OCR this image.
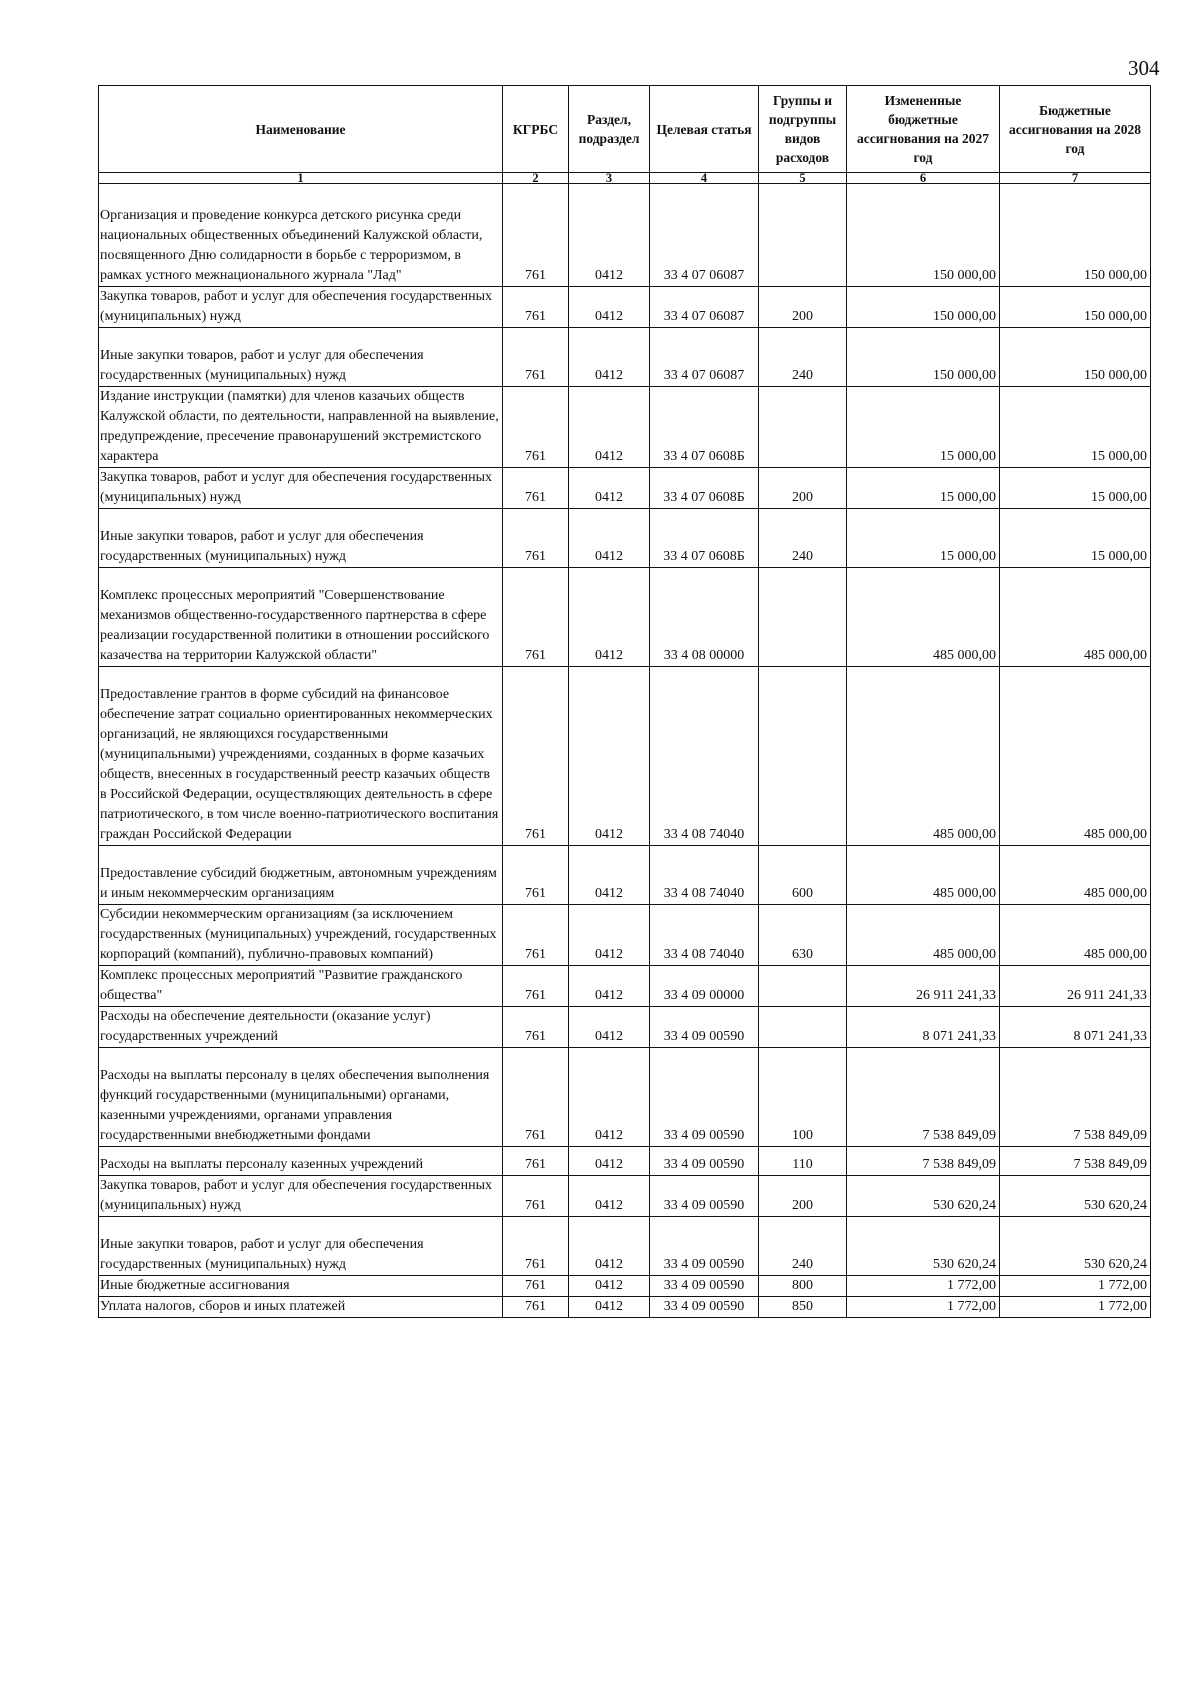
304
Наименование	КГРБС	Раздел, подраздел	Целевая статья	Группы и подгруппы видов расходов	Измененные бюджетные ассигнования на 2027 год	Бюджетные ассигнования на 2028 год
1	2	3	4	5	6	7
Организация и проведение конкурса детского рисунка среди национальных общественных объединений Калужской области, посвященного Дню солидарности в борьбе с терроризмом, в рамках устного межнационального журнала "Лад"	761	0412	33 4 07 06087		150 000,00	150 000,00
Закупка товаров, работ и услуг для обеспечения государственных (муниципальных) нужд	761	0412	33 4 07 06087	200	150 000,00	150 000,00
Иные закупки товаров, работ и услуг для обеспечения государственных (муниципальных) нужд	761	0412	33 4 07 06087	240	150 000,00	150 000,00
Издание инструкции (памятки) для членов казачьих обществ Калужской области, по деятельности, направленной на выявление, предупреждение, пресечение правонарушений экстремистского характера	761	0412	33 4 07 0608Б		15 000,00	15 000,00
Закупка товаров, работ и услуг для обеспечения государственных (муниципальных) нужд	761	0412	33 4 07 0608Б	200	15 000,00	15 000,00
Иные закупки товаров, работ и услуг для обеспечения государственных (муниципальных) нужд	761	0412	33 4 07 0608Б	240	15 000,00	15 000,00
Комплекс процессных мероприятий "Совершенствование механизмов общественно-государственного партнерства в сфере реализации государственной политики в отношении российского казачества на территории Калужской области"	761	0412	33 4 08 00000		485 000,00	485 000,00
Предоставление грантов в форме субсидий на финансовое обеспечение затрат социально ориентированных некоммерческих организаций, не являющихся государственными (муниципальными) учреждениями, созданных в форме казачьих обществ, внесенных в государственный реестр казачьих обществ в Российской Федерации, осуществляющих деятельность в сфере патриотического, в том числе военно-патриотического воспитания граждан Российской Федерации	761	0412	33 4 08 74040		485 000,00	485 000,00
Предоставление субсидий бюджетным, автономным учреждениям и иным некоммерческим организациям	761	0412	33 4 08 74040	600	485 000,00	485 000,00
Субсидии некоммерческим организациям (за исключением государственных (муниципальных) учреждений, государственных корпораций (компаний), публично-правовых компаний)	761	0412	33 4 08 74040	630	485 000,00	485 000,00
Комплекс процессных мероприятий "Развитие гражданского общества"	761	0412	33 4 09 00000		26 911 241,33	26 911 241,33
Расходы на обеспечение деятельности (оказание услуг) государственных учреждений	761	0412	33 4 09 00590		8 071 241,33	8 071 241,33
Расходы на выплаты персоналу в целях обеспечения выполнения функций государственными (муниципальными) органами, казенными учреждениями, органами управления государственными внебюджетными фондами	761	0412	33 4 09 00590	100	7 538 849,09	7 538 849,09
Расходы на выплаты персоналу казенных учреждений	761	0412	33 4 09 00590	110	7 538 849,09	7 538 849,09
Закупка товаров, работ и услуг для обеспечения государственных (муниципальных) нужд	761	0412	33 4 09 00590	200	530 620,24	530 620,24
Иные закупки товаров, работ и услуг для обеспечения государственных (муниципальных) нужд	761	0412	33 4 09 00590	240	530 620,24	530 620,24
Иные бюджетные ассигнования	761	0412	33 4 09 00590	800	1 772,00	1 772,00
Уплата налогов, сборов и иных платежей	761	0412	33 4 09 00590	850	1 772,00	1 772,00
